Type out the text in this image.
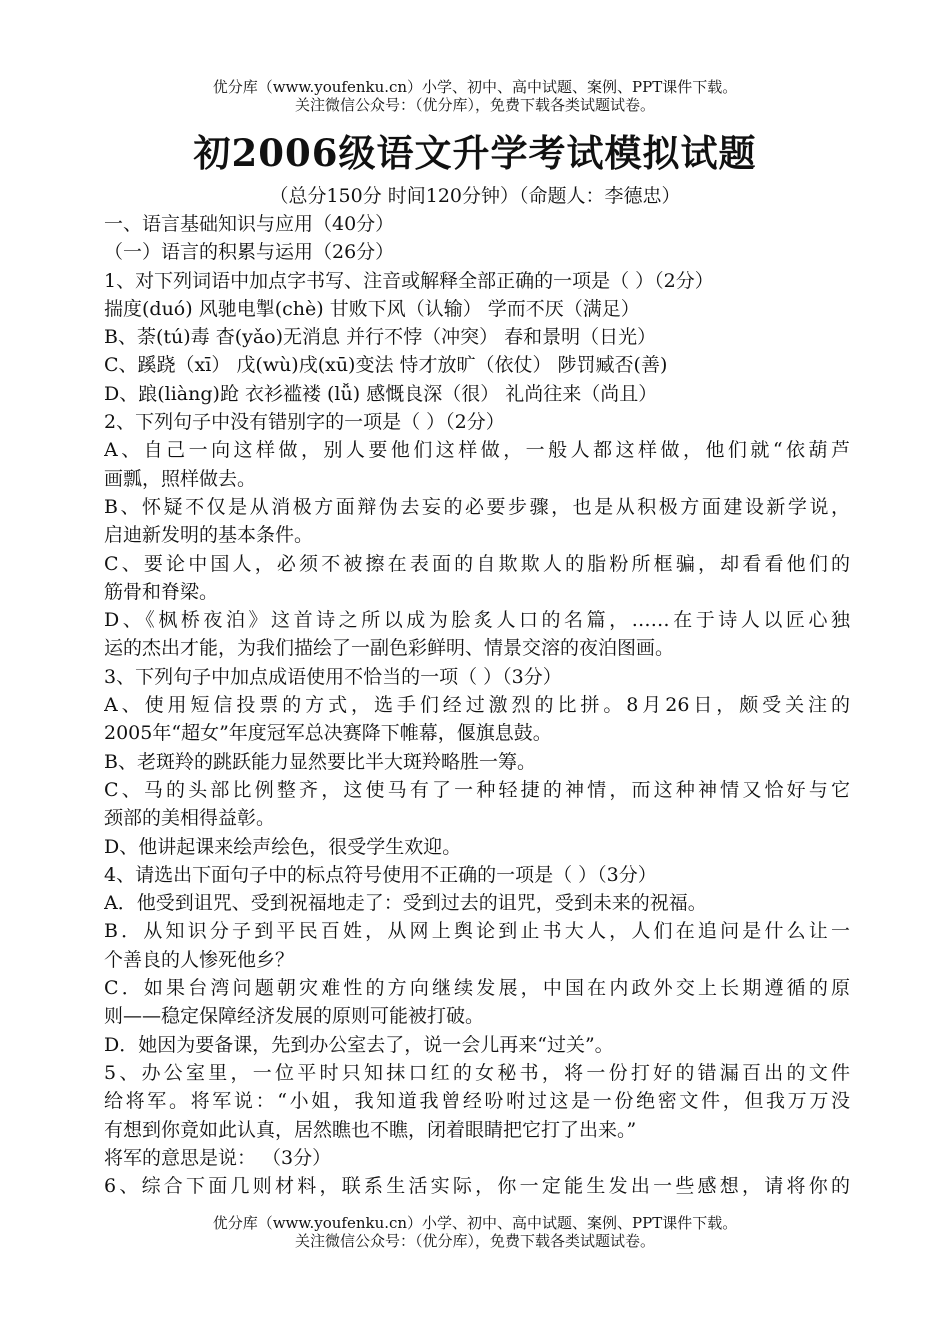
优分库（www.youfenku.cn）小学、初中、高中试题、案例、PPT课件下载。
关注微信公众号：（优分库），免费下载各类试题试卷。
初2006级语文升学考试模拟试题
（总分150分 时间120分钟）（命题人：李德忠）
一、语言基础知识与应用（40分）
（一）语言的积累与运用（26分）
1、对下列词语中加点字书写、注音或解释全部正确的一项是（ ）（2分）
揣度(duó) 风驰电掣(chè) 甘败下风（认输） 学而不厌（满足）
B、荼(tú)毒 杳(yǎo)无消息 并行不悖（冲突） 春和景明（日光）
C、蹊跷（xī） 戊(wù)戌(xū)变法 恃才放旷（依仗） 陟罚臧否(善)
D、踉(liàng)跄 衣衫褴褛 (lǚ) 感慨良深（很） 礼尚往来（尚且）
2、下列句子中没有错别字的一项是（ ）（2分）
A、自己一向这样做，别人要他们这样做，一般人都这样做，他们就“依葫芦
画瓢，照样做去。
B、怀疑不仅是从消极方面辩伪去妄的必要步骤，也是从积极方面建设新学说，
启迪新发明的基本条件。
C、要论中国人，必须不被擦在表面的自欺欺人的脂粉所框骗，却看看他们的
筋骨和脊梁。
D、《枫桥夜泊》这首诗之所以成为脍炙人口的名篇，……在于诗人以匠心独
运的杰出才能，为我们描绘了一副色彩鲜明、情景交溶的夜泊图画。
3、下列句子中加点成语使用不恰当的一项（ ）（3分）
A、使用短信投票的方式，选手们经过激烈的比拼。8月26日，颇受关注的
2005年“超女”年度冠军总决赛降下帷幕，偃旗息鼓。
B、老斑羚的跳跃能力显然要比半大斑羚略胜一筹。
C、马的头部比例整齐，这使马有了一种轻捷的神情，而这种神情又恰好与它
颈部的美相得益彰。
D、他讲起课来绘声绘色，很受学生欢迎。
4、请选出下面句子中的标点符号使用不正确的一项是（ ）（3分）
A．他受到诅咒、受到祝福地走了：受到过去的诅咒，受到未来的祝福。
B．从知识分子到平民百姓，从网上舆论到止书大人，人们在追问是什么让一
个善良的人惨死他乡？
C．如果台湾问题朝灾难性的方向继续发展，中国在内政外交上长期遵循的原
则——稳定保障经济发展的原则可能被打破。
D．她因为要备课，先到办公室去了，说一会儿再来“过关”。
5、办公室里，一位平时只知抹口红的女秘书，将一份打好的错漏百出的文件
给将军。将军说：“小姐，我知道我曾经吩咐过这是一份绝密文件，但我万万没
有想到你竟如此认真，居然瞧也不瞧，闭着眼睛把它打了出来。”
将军的意思是说： （3分）
6、综合下面几则材料，联系生活实际，你一定能生发出一些感想，请将你的
优分库（www.youfenku.cn）小学、初中、高中试题、案例、PPT课件下载。
关注微信公众号：（优分库），免费下载各类试题试卷。
